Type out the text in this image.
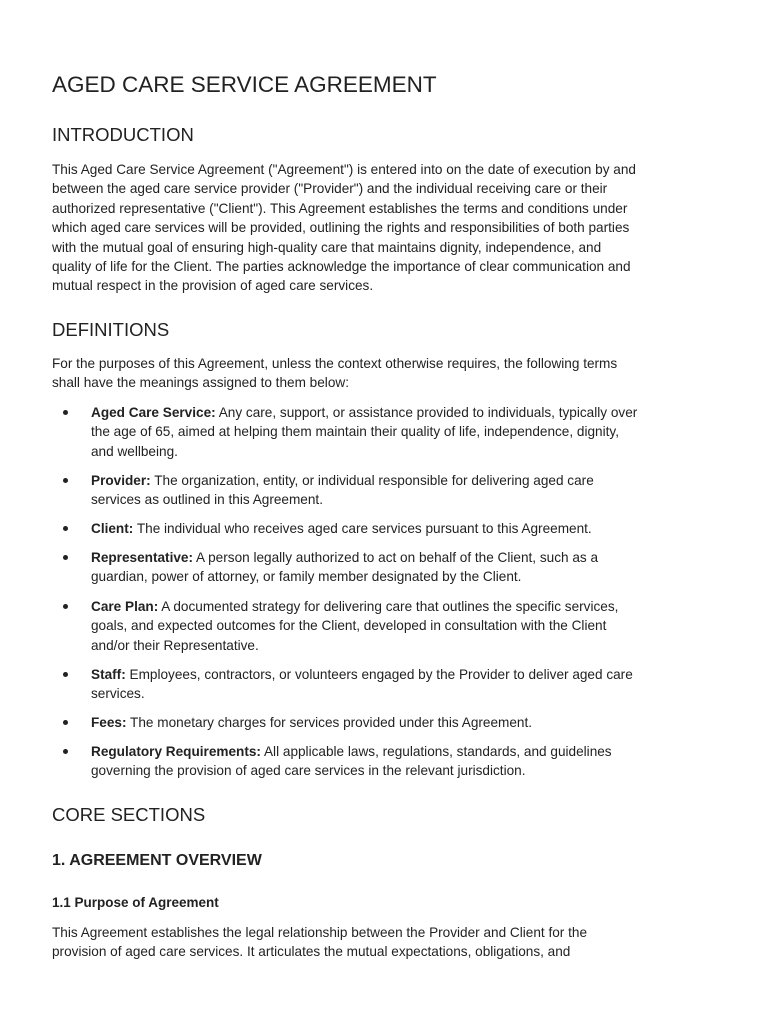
AGED CARE SERVICE AGREEMENT
INTRODUCTION
This Aged Care Service Agreement ("Agreement") is entered into on the date of execution by and
between the aged care service provider ("Provider") and the individual receiving care or their
authorized representative ("Client"). This Agreement establishes the terms and conditions under
which aged care services will be provided, outlining the rights and responsibilities of both parties
with the mutual goal of ensuring high-quality care that maintains dignity, independence, and
quality of life for the Client. The parties acknowledge the importance of clear communication and
mutual respect in the provision of aged care services.
DEFINITIONS
For the purposes of this Agreement, unless the context otherwise requires, the following terms
shall have the meanings assigned to them below:
Aged Care Service: Any care, support, or assistance provided to individuals, typically over
the age of 65, aimed at helping them maintain their quality of life, independence, dignity,
and wellbeing.
Provider: The organization, entity, or individual responsible for delivering aged care
services as outlined in this Agreement.
Client: The individual who receives aged care services pursuant to this Agreement.
Representative: A person legally authorized to act on behalf of the Client, such as a
guardian, power of attorney, or family member designated by the Client.
Care Plan: A documented strategy for delivering care that outlines the specific services,
goals, and expected outcomes for the Client, developed in consultation with the Client
and/or their Representative.
Staff: Employees, contractors, or volunteers engaged by the Provider to deliver aged care
services.
Fees: The monetary charges for services provided under this Agreement.
Regulatory Requirements: All applicable laws, regulations, standards, and guidelines
governing the provision of aged care services in the relevant jurisdiction.
CORE SECTIONS
1. AGREEMENT OVERVIEW
1.1 Purpose of Agreement
This Agreement establishes the legal relationship between the Provider and Client for the
provision of aged care services. It articulates the mutual expectations, obligations, and
